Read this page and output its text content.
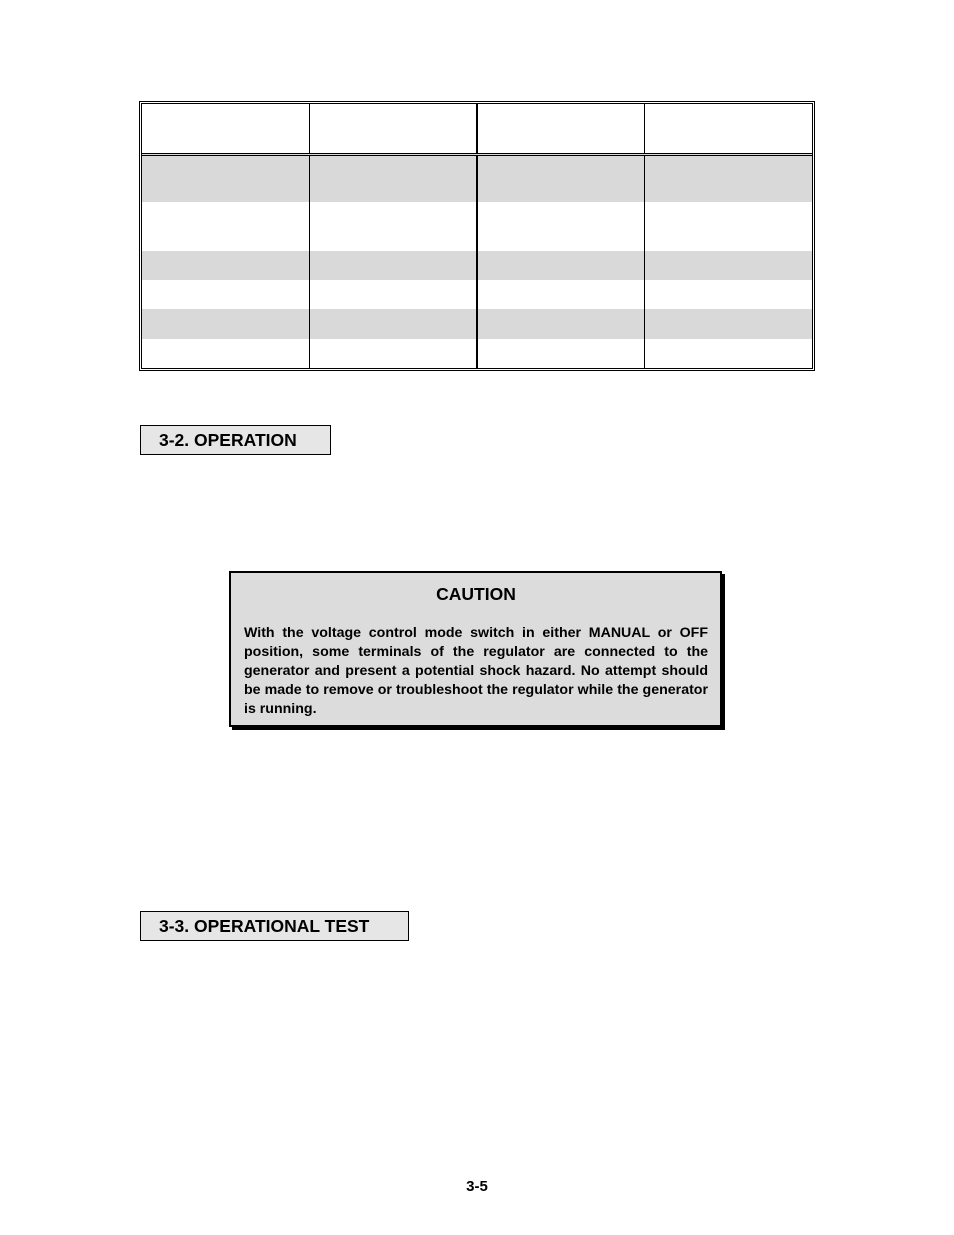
3-2. OPERATION
CAUTION
With the voltage control mode switch in either MANUAL or OFF position, some terminals of the regulator are connected to the generator and present a potential shock hazard. No attempt should be made to remove or troubleshoot the regulator while the generator is running.
3-3. OPERATIONAL TEST
3-5
